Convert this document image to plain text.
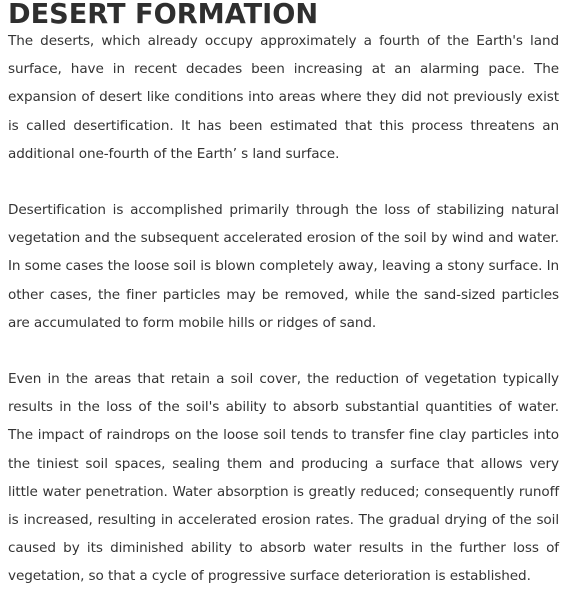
DESERT FORMATION

The deserts, which already occupy approximately a fourth of the Earth's land surface, have in recent decades been increasing at an alarming pace. The expansion of desert like conditions into areas where they did not previously exist is called desertification. It has been estimated that this process threatens an additional one-fourth of the Earth’ s land surface.

Desertification is accomplished primarily through the loss of stabilizing natural vegetation and the subsequent accelerated erosion of the soil by wind and water. In some cases the loose soil is blown completely away, leaving a stony surface. In other cases, the finer particles may be removed, while the sand-sized particles are accumulated to form mobile hills or ridges of sand.

Even in the areas that retain a soil cover, the reduction of vegetation typically results in the loss of the soil's ability to absorb substantial quantities of water. The impact of raindrops on the loose soil tends to transfer fine clay particles into the tiniest soil spaces, sealing them and producing a surface that allows very little water penetration. Water absorption is greatly reduced; consequently runoff is increased, resulting in accelerated erosion rates. The gradual drying of the soil caused by its diminished ability to absorb water results in the further loss of vegetation, so that a cycle of progressive surface deterioration is established.
